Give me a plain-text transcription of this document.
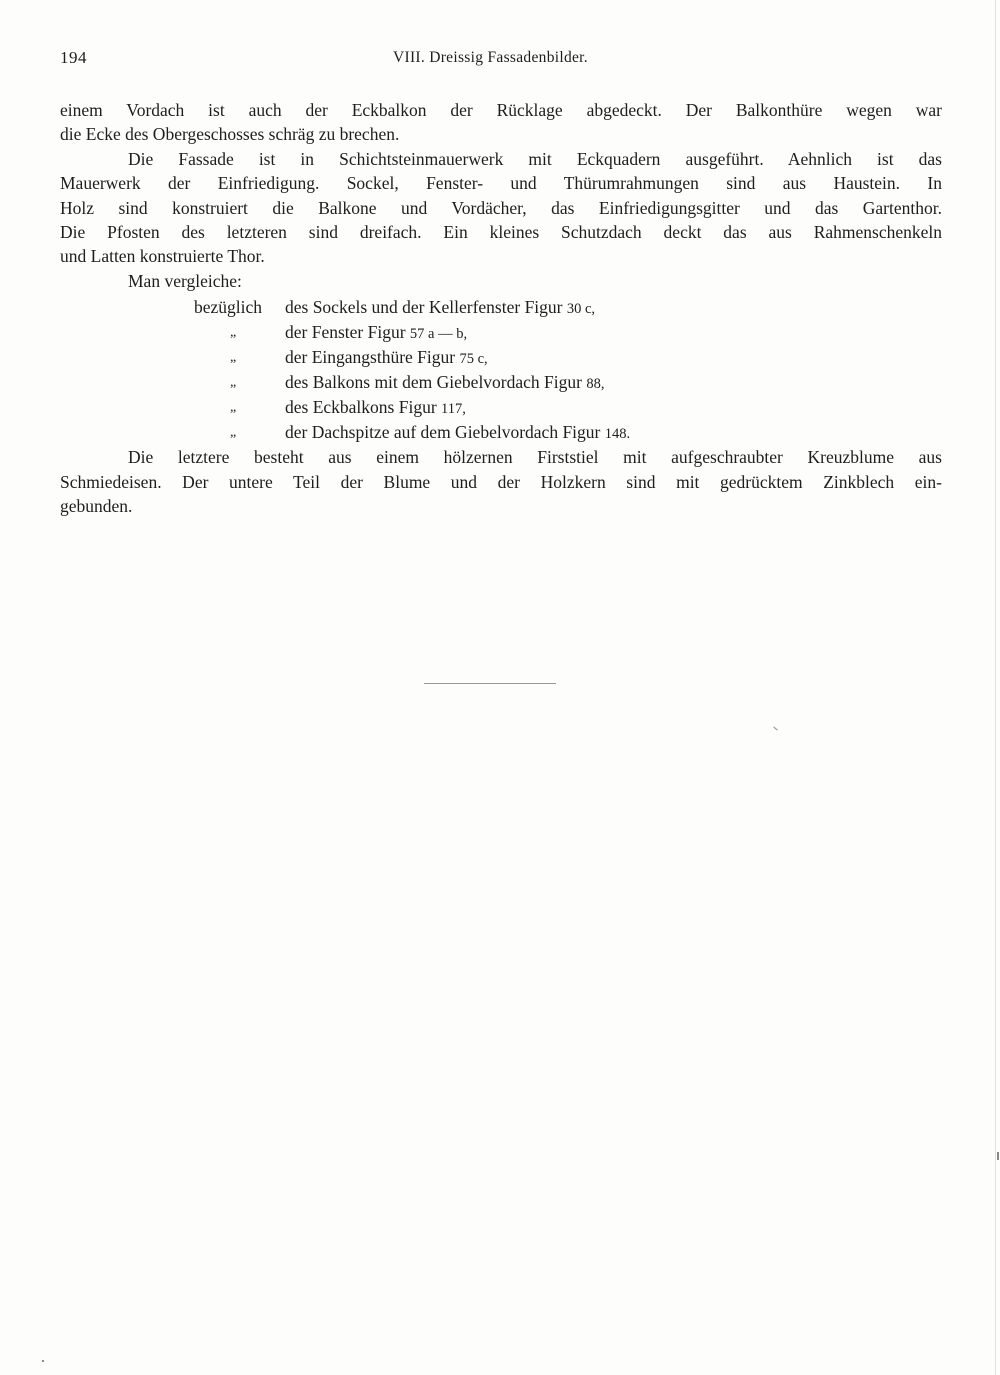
194	VIII. Dreissig Fassadenbilder.
einem Vordach ist auch der Eckbalkon der Rücklage abgedeckt. Der Balkonthüre wegen war
die Ecke des Obergeschosses schräg zu brechen.
Die Fassade ist in Schichtsteinmauerwerk mit Eckquadern ausgeführt. Aehnlich ist das
Mauerwerk der Einfriedigung. Sockel, Fenster- und Thürumrahmungen sind aus Haustein. In
Holz sind konstruiert die Balkone und Vordächer, das Einfriedigungsgitter und das Gartenthor.
Die Pfosten des letzteren sind dreifach. Ein kleines Schutzdach deckt das aus Rahmenschenkeln
und Latten konstruierte Thor.
Man vergleiche:
bezüglich des Sockels und der Kellerfenster Figur 30 c,
„	der Fenster Figur 57 a — b,
„	der Eingangsthüre Figur 75 c,
„	des Balkons mit dem Giebelvordach Figur 88,
„	des Eckbalkons Figur 117,
„	der Dachspitze auf dem Giebelvordach Figur 148.
Die letztere besteht aus einem hölzernen Firststiel mit aufgeschraubter Kreuzblume aus
Schmiedeisen. Der untere Teil der Blume und der Holzkern sind mit gedrücktem Zinkblech ein-
gebunden.
